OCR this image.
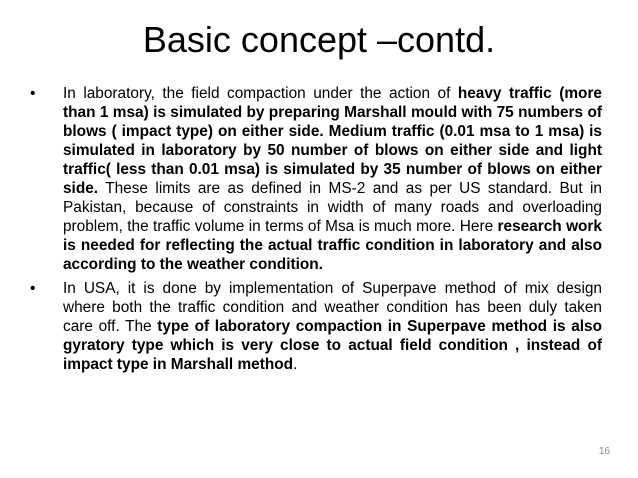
Basic concept –contd.
• In laboratory, the field compaction under the action of heavy traffic (more than 1 msa) is simulated by preparing Marshall mould with 75 numbers of blows ( impact type) on either side. Medium traffic (0.01 msa to 1 msa) is simulated in laboratory by 50 number of blows on either side and light traffic( less than 0.01 msa) is simulated by 35 number of blows on either side. These limits are as defined in MS-2 and as per US standard. But in Pakistan, because of constraints in width of many roads and overloading problem, the traffic volume in terms of Msa is much more. Here research work is needed for reflecting the actual traffic condition in laboratory and also according to the weather condition.
• In USA, it is done by implementation of Superpave method of mix design where both the traffic condition and weather condition has been duly taken care off. The type of laboratory compaction in Superpave method is also gyratory type which is very close to actual field condition , instead of impact type in Marshall method.
16
